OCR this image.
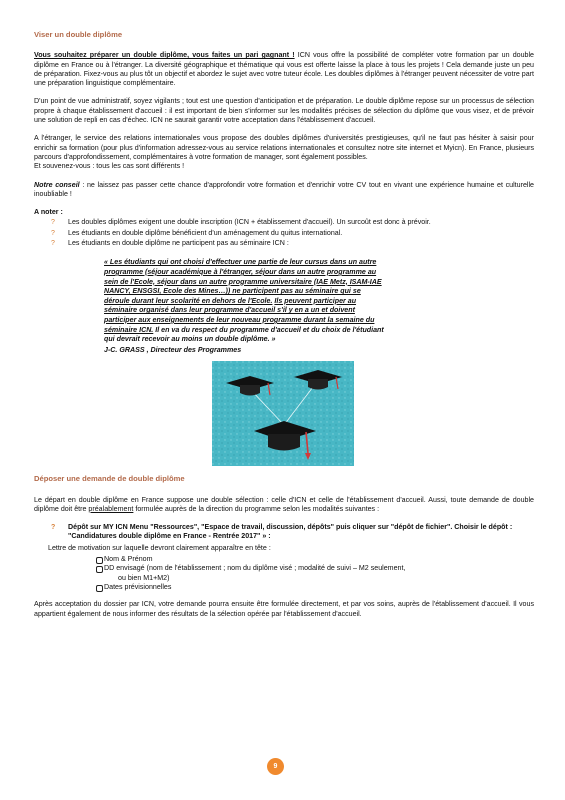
Viser un double diplôme

Vous souhaitez préparer un double diplôme, vous faites un pari gagnant ! ICN vous offre la possibilité de compléter votre formation par un double diplôme en France ou à l'étranger. La diversité géographique et thématique qui vous est offerte laisse la place à tous les projets ! Cela demande juste un peu de préparation. Fixez-vous au plus tôt un objectif et abordez le sujet avec votre tuteur école. Les doubles diplômes à l'étranger peuvent nécessiter de votre part une préparation linguistique complémentaire.

D'un point de vue administratif, soyez vigilants ; tout est une question d'anticipation et de préparation. Le double diplôme repose sur un processus de sélection propre à chaque établissement d'accueil : il est important de bien s'informer sur les modalités précises de sélection du diplôme que vous visez, et de prévoir une solution de repli en cas d'échec. ICN ne saurait garantir votre acceptation dans l'établissement d'accueil.

A l'étranger, le service des relations internationales vous propose des doubles diplômes d'universités prestigieuses, qu'il ne faut pas hésiter à saisir pour enrichir sa formation (pour plus d'information adressez-vous au service relations internationales et consultez notre site internet et Myicn). En France, plusieurs parcours d'approfondissement, complémentaires à votre formation de manager, sont également possibles.
Et souvenez-vous : tous les cas sont différents !

Notre conseil : ne laissez pas passer cette chance d'approfondir votre formation et d'enrichir votre CV tout en vivant une expérience humaine et culturelle inoubliable !

A noter :
? Les doubles diplômes exigent une double inscription (ICN + établissement d'accueil). Un surcoût est donc à prévoir.
? Les étudiants en double diplôme bénéficient d'un aménagement du quitus international.
? Les étudiants en double diplôme ne participent pas au séminaire ICN :
« Les étudiants qui ont choisi d'effectuer une partie de leur cursus dans un autre programme (séjour académique à l'étranger, séjour dans un autre programme au sein de l'Ecole, séjour dans un autre programme universitaire (IAE Metz, ISAM-IAE NANCY, ENSGSI, Ecole des Mines…)) ne participent pas au séminaire qui se déroule durant leur scolarité en dehors de l'Ecole. Ils peuvent participer au séminaire organisé dans leur programme d'accueil s'il y en a un et doivent participer aux enseignements de leur nouveau programme durant la semaine du séminaire ICN. Il en va du respect du programme d'accueil et du choix de l'étudiant qui devrait recevoir au moins un double diplôme. »
J-C. GRASS , Directeur des Programmes
Déposer une demande de double diplôme

Le départ en double diplôme en France suppose une double sélection : celle d'ICN et celle de l'établissement d'accueil. Aussi, toute demande de double diplôme doit être préalablement formulée auprès de la direction du programme selon les modalités suivantes :

? Dépôt sur MY ICN Menu "Ressources", "Espace de travail, discussion, dépôts" puis cliquer sur "dépôt de fichier". Choisir le dépôt : "Candidatures double diplôme en France - Rentrée 2017" » :
Lettre de motivation sur laquelle devront clairement apparaître en tête :
Nom & Prénom
DD envisagé (nom de l'établissement ; nom du diplôme visé ; modalité de suivi – M2 seulement,
ou bien M1+M2)
Dates prévisionnelles

Après acceptation du dossier par ICN, votre demande pourra ensuite être formulée directement, et par vos soins, auprès de l'établissement d'accueil. Il vous appartient également de nous informer des résultats de la sélection opérée par l'établissement d'accueil.

9
